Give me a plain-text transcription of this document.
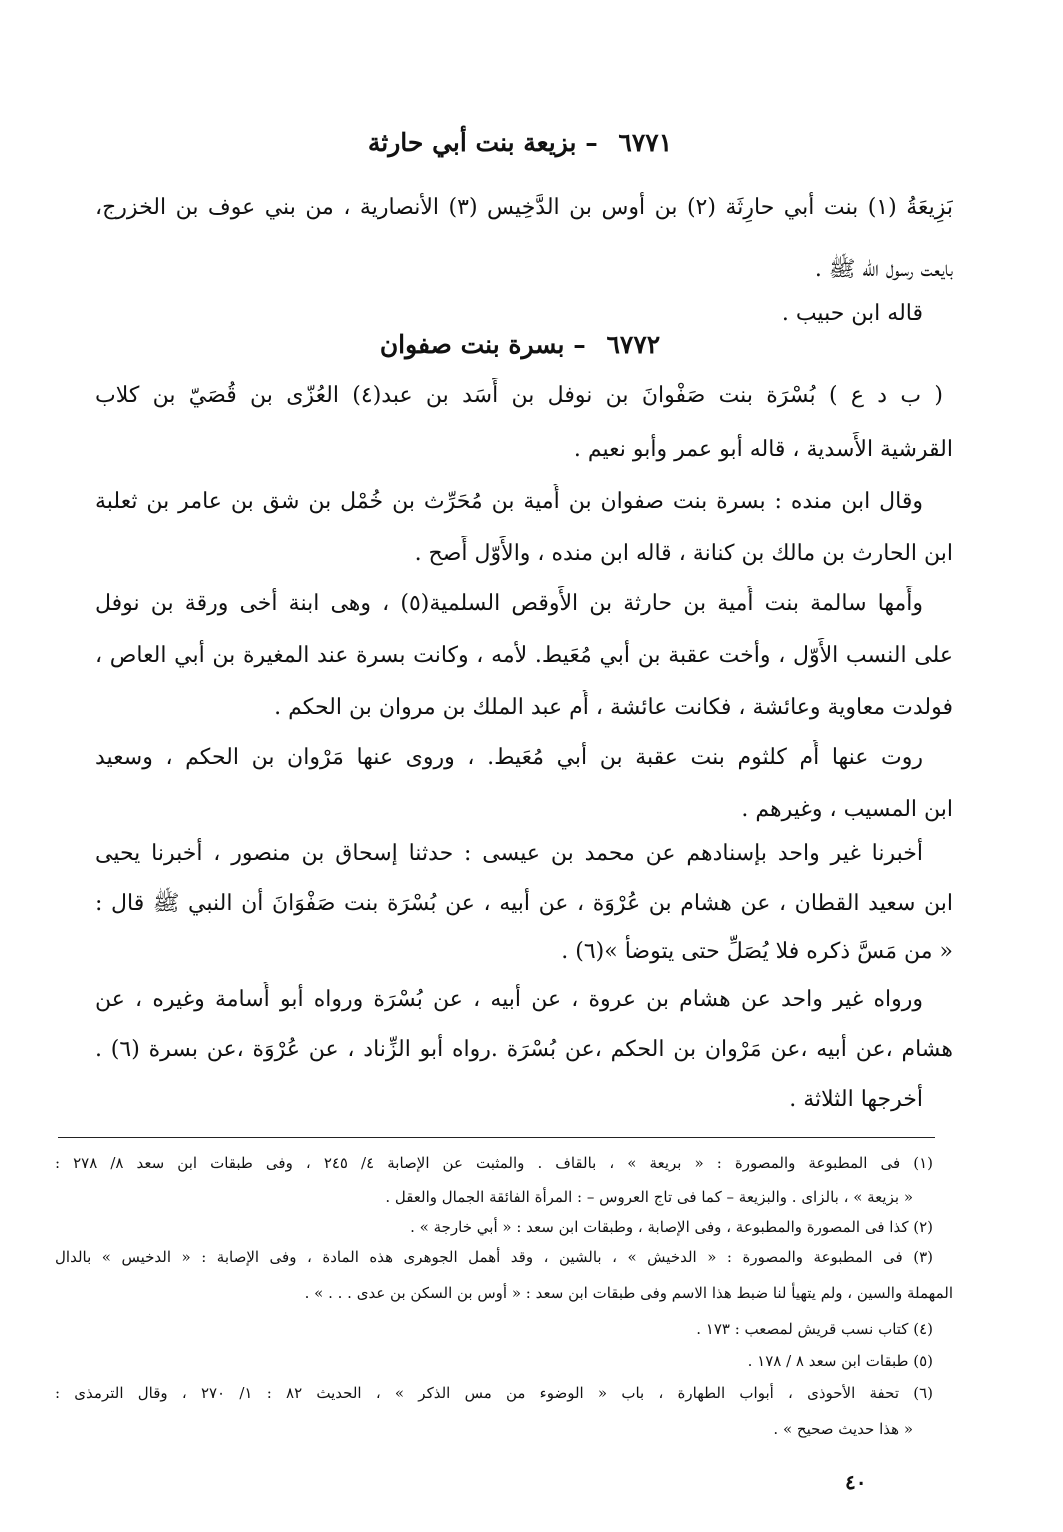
٦٧٧١ – بزيعة بنت أبي حارثة
بَزِيعَةُ (١) بنت أبي حارِثَة (٢) بن أوس بن الدَّخِيس (٣) الأنصارية ، من بني عوف بن الخزرج،
بايعت رسول الله ﷺ .
قاله ابن حبيب .
٦٧٧٢ – بسرة بنت صفوان
( ب د ع ) بُسْرَة بنت صَفْوانَ بن نوفل بن أَسَد بن عبد(٤) العُزّى بن قُصَيّ بن كلاب
القرشية الأَسدية ، قاله أبو عمر وأبو نعيم .
وقال ابن منده : بسرة بنت صفوان بن أُمية بن مُحَرِّث بن خُمْل بن شق بن عامر بن ثعلبة
ابن الحارث بن مالك بن كنانة ، قاله ابن منده ، والأَوّل أَصح .
وأَمها سالمة بنت أُمية بن حارثة بن الأَوقص السلمية(٥) ، وهى ابنة أخى ورقة بن نوفل
على النسب الأَوّل ، وأخت عقبة بن أبي مُعَيط. لأمه ، وكانت بسرة عند المغيرة بن أبي العاص ،
فولدت معاوية وعائشة ، فكانت عائشة ، أُم عبد الملك بن مروان بن الحكم .
روت عنها أُم كلثوم بنت عقبة بن أبي مُعَيط. ، وروى عنها مَرْوان بن الحكم ، وسعيد
ابن المسيب ، وغيرهم .
أخبرنا غير واحد بإسنادهم عن محمد بن عيسى : حدثنا إسحاق بن منصور ، أخبرنا يحيى
ابن سعيد القطان ، عن هشام بن عُرْوَة ، عن أبيه ، عن بُسْرَة بنت صَفْوَانَ أن النبي ﷺ قال :
« من مَسَّ ذكره فلا يُصَلِّ حتى يتوضأ »(٦) .
ورواه غير واحد عن هشام بن عروة ، عن أبيه ، عن بُسْرَة ورواه أبو أُسامة وغيره ، عن
هشام ،عن أبيه ،عن مَرْوان بن الحكم ،عن بُسْرَة .رواه أبو الزِّناد ، عن عُرْوَة ،عن بسرة (٦) .
أخرجها الثلاثة .
(١) فى المطبوعة والمصورة : « بريعة » ، بالقاف . والمثبت عن الإصابة ٤/ ٢٤٥ ، وفى طبقات ابن سعد ٨/ ٢٧٨ :
« بزيعة » ، بالزاى . والبزيعة – كما فى تاج العروس – : المرأة الفائقة الجمال والعقل .
(٢) كذا فى المصورة والمطبوعة ، وفى الإصابة ، وطبقات ابن سعد : « أبي خارجة » .
(٣) فى المطبوعة والمصورة : « الدخيش » ، بالشين ، وقد أهمل الجوهرى هذه المادة ، وفى الإصابة : « الدخيس » بالدال
المهملة والسين ، ولم يتهيأ لنا ضبط هذا الاسم وفى طبقات ابن سعد : « أوس بن السكن بن عدى . . . » .
(٤) كتاب نسب قريش لمصعب : ١٧٣ .
(٥) طبقات ابن سعد ٨ / ١٧٨ .
(٦) تحفة الأحوذى ، أبواب الطهارة ، باب « الوضوء من مس الذكر » ، الحديث ٨٢ : ١/ ٢٧٠ ، وقال الترمذى :
« هذا حديث صحيح » .
٤٠
